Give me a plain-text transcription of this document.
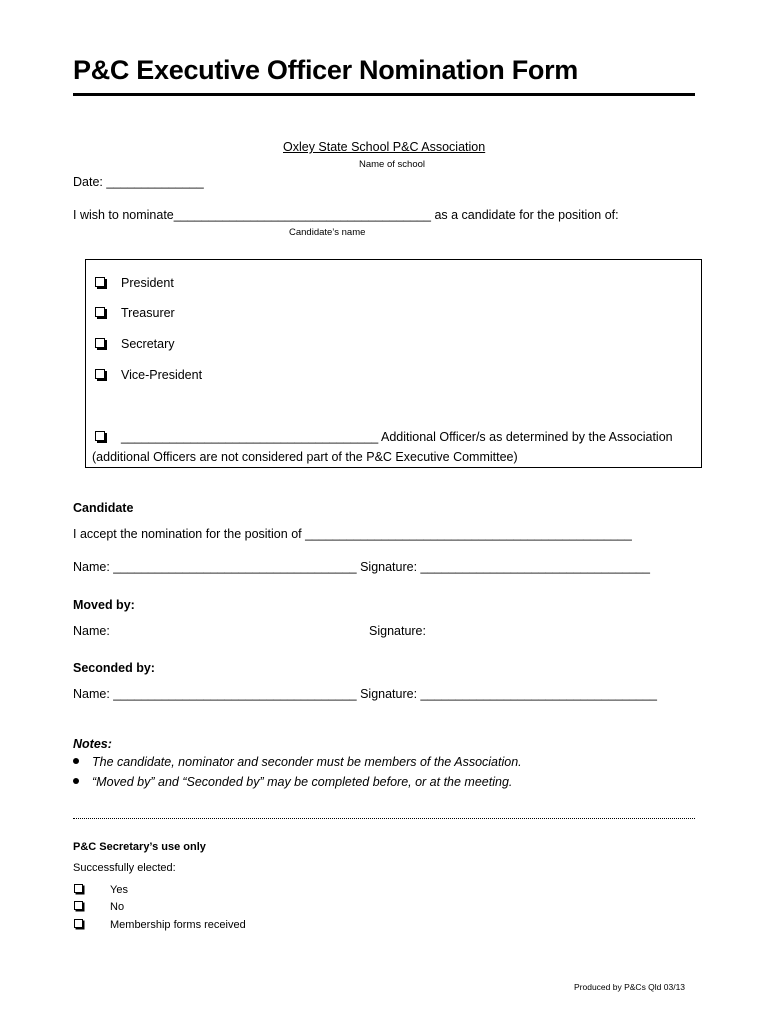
P&C Executive Officer Nomination Form
Oxley State School P&C Association
Name of school
Date: ______________
I wish to nominate_____________________________________ as a candidate for the position of:
Candidate’s name
President
Treasurer
Secretary
Vice-President
_____________________________________ Additional Officer/s as determined by the Association
(additional Officers are not considered part of the P&C Executive Committee)
Candidate
I accept the nomination for the position of _______________________________________________
Name: ___________________________________ Signature: _________________________________
Moved by:
Name:	Signature:
Seconded by:
Name: ___________________________________ Signature: __________________________________
Notes:
The candidate, nominator and seconder must be members of the Association.
“Moved by” and “Seconded by” may be completed before, or at the meeting.
P&C Secretary’s use only
Successfully elected:
Yes
No
Membership forms received
Produced by P&Cs Qld 03/13
